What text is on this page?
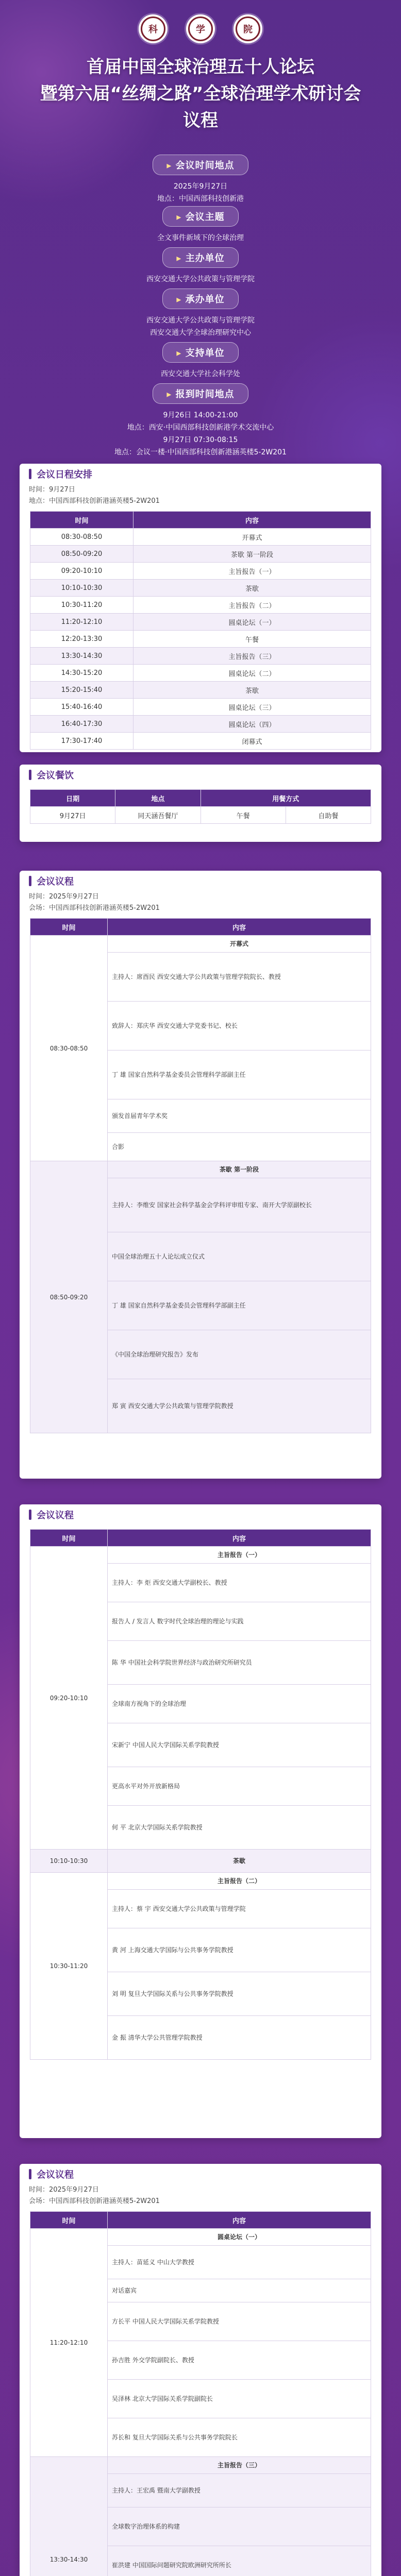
科	学	院
首届中国全球治理五十人论坛
暨第六届“丝绸之路”全球治理学术研讨会
议程
▸ 会议时间地点
2025年9月27日
地点：中国西部科技创新港
▸ 会议主题
全文事件新域下的全球治理
▸ 主办单位
西安交通大学公共政策与管理学院
▸ 承办单位
西安交通大学公共政策与管理学院
西安交通大学全球治理研究中心
▸ 支持单位
西安交通大学社会科学处
▸ 报到时间地点
9月26日 14:00-21:00
地点：西安·中国西部科技创新港学术交流中心
9月27日 07:30-08:15
地点：会议一楼·中国西部科技创新港涵英楼5-2W201
会议日程安排
时间：9月27日
地点：中国西部科技创新港涵英楼5-2W201
时间	内容
08:30-08:50	开幕式
08:50-09:20	茶歇 第一阶段
09:20-10:10	主旨报告（一）
10:10-10:30	茶歇
10:30-11:20	主旨报告（二）
11:20-12:10	圆桌论坛（一）
12:20-13:30	午餐
13:30-14:30	主旨报告（三）
14:30-15:20	圆桌论坛（二）
15:20-15:40	茶歇
15:40-16:40	圆桌论坛（三）
16:40-17:30	圆桌论坛（四）
17:30-17:40	闭幕式
会议餐饮
日期	地点	用餐方式	
9月27日	同天涵吾餐厅	午餐	自助餐
会议议程
时间：2025年9月27日
会场：中国西部科技创新港涵英楼5-2W201
时间	内容
08:30-08:50	开幕式
	主持人：席酉民 西安交通大学公共政策与管理学院院长、教授
	致辞人：郑庆华 西安交通大学党委书记、校长
	丁 雄 国家自然科学基金委员会管理科学部副主任
	颁发首届青年学术奖
	合影
08:50-09:20	茶歇 第一阶段
	主持人：李维安 国家社会科学基金会学科评审组专家、南开大学原副校长
	中国全球治理五十人论坛成立仪式
	丁 雄 国家自然科学基金委员会管理科学部副主任
	《中国全球治理研究报告》发布
	郑 寅 西安交通大学公共政策与管理学院教授
会议议程
时间	内容
09:20-10:10	主旨报告（一）
	主持人：李 炬 西安交通大学副校长、教授
	报告人 / 发言人 数字时代全球治理的理论与实践
	陈 华 中国社会科学院世界经济与政治研究所研究员
	全球南方视角下的全球治理
	宋新宁 中国人民大学国际关系学院教授
	更高水平对外开放新格局
	何 平 北京大学国际关系学院教授
10:10-10:30	茶歇
10:30-11:20	主旨报告（二）
	主持人：蔡 宇 西安交通大学公共政策与管理学院
	黄 河 上海交通大学国际与公共事务学院教授
	刘 明 复旦大学国际关系与公共事务学院教授
	金 振 清华大学公共管理学院教授
会议议程
时间：2025年9月27日
会场：中国西部科技创新港涵英楼5-2W201
时间	内容
11:20-12:10	圆桌论坛（一）
	主持人：苗延义 中山大学教授
	对话嘉宾
	方长平 中国人民大学国际关系学院教授
	孙吉胜 外交学院副院长、教授
	吴泽林 北京大学国际关系学院副院长
	苏长和 复旦大学国际关系与公共事务学院院长
13:30-14:30	主旨报告（三）
	主持人：王宏禹 暨南大学副教授
	全球数字治理体系的构建
	崔洪建 中国国际问题研究院欧洲研究所所长
